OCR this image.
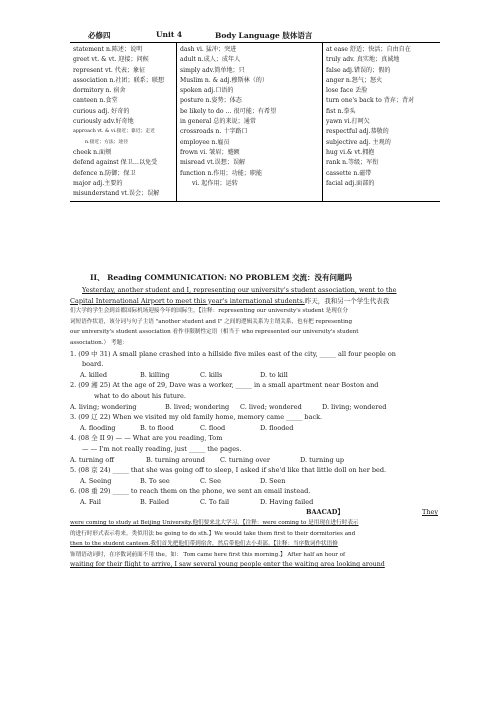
必修四	Unit 4	Body Language 肢体语言
statement n.陈述；说明
greet vt. & vt. 迎接；问候
represent vt. 代表；象征
association n.社团；联系；联想
dormitory n. 宿舍
canteen n.食堂
curious adj. 好奇的
curiously adv.好奇地
approach vt. & vi.接近；靠近；走近
n.接近；方法；途径
cheek n.面颊
defend against 保卫…以免受
defence n.防御；保卫
major adj.主要的
misunderstand vt.误会；误解
dash vi. 猛冲；突进
adult n.成人；成年人
simply adv.简单地；只
Muslim n. & adj.穆斯林（的）
spoken adj.口语的
posture n.姿势；体态
be likely to do … 很可能；有希望
in general 总的来说；通常
crossroads n. 十字路口
employee n.雇员
frown vi. 皱眉；蹙额
misread vt.误想；误解
function n.作用；功能；职能
vi. 起作用；运转
at ease 舒适；快活；自由自在
truly adv. 真实地；真诚地
false adj.错误的；假的
anger n.怒气；怒火
lose face 丢脸
turn one's back to 背弃；背对
fist n.拳头
yawn vi.打呵欠
respectful adj.恭敬的
subjective adj. 主观的
hug vi.& vt.拥抱
rank n.等级；军衔
cassette n.磁带
facial adj.面部的
II、 Reading COMMUNICATION: NO PROBLEM 交流：没有问题吗

Yesterday, another student and I, representing our university's student association, went to the

Capital International Airport to meet this year's international students.昨天，我和另一个学生代表我

们大学的学生会到首都国际机场迎接今年的国际生。【注释：representing our university's student 是现在分

词短语作状语，该分词与句子主语 "another student and I" 之间的逻辑关系为主谓关系，也有把 representing

our university's student association 看作非限制性定语（相当于 who represented our university's student

association.） 考题：

1. (09 中 31) A small plane crashed into a hillside five miles east of the city, _____ all four people on

board.

A. killed	B. killing	C. kills	D. to kill

2. (09 湘 25) At the age of 29, Dave was a worker, _____ in a small apartment near Boston and

what to do about his future.

A. living; wondering	B. lived; wondering C. lived; wondered	D. living; wondered

3. (09 辽 22) When we visited my old family home, memory came _____ back.

A. flooding	B. to flood	C. flood	D. flooded

4. (08 全 II 9) — — What are you reading, Tom

— — I'm not really reading, just _____ the pages.

A. turning off	B. turning around C. turning over	D. turning up

5. (08 京 24) _____ that she was going off to sleep, I asked if she'd like that little doll on her bed.

A. Seeing	B. To see	C. See	D. Seen

6. (08 重 29) _____ to reach them on the phone, we sent an email instead.

A. Fail	B. Failed	C. To fail	D. Having failed

BAACAD】	They

were coming to study at Beijing University.他们要来北大学习。【注释：were coming to 是用现在进行时表示

的进行时形式表示将来。类似用法 be going to do sth.】We would take them first to their dormitories and

then to the student canteen.我们首先把他们带到宿舍，然后带他们去小卖部。【注释：当序数词作状语修

饰谓语动词时，在序数词前面不用 the。如： Tom came here first this morning.】 After half an hour of

waiting for their flight to arrive, I saw several young people enter the waiting area looking around
